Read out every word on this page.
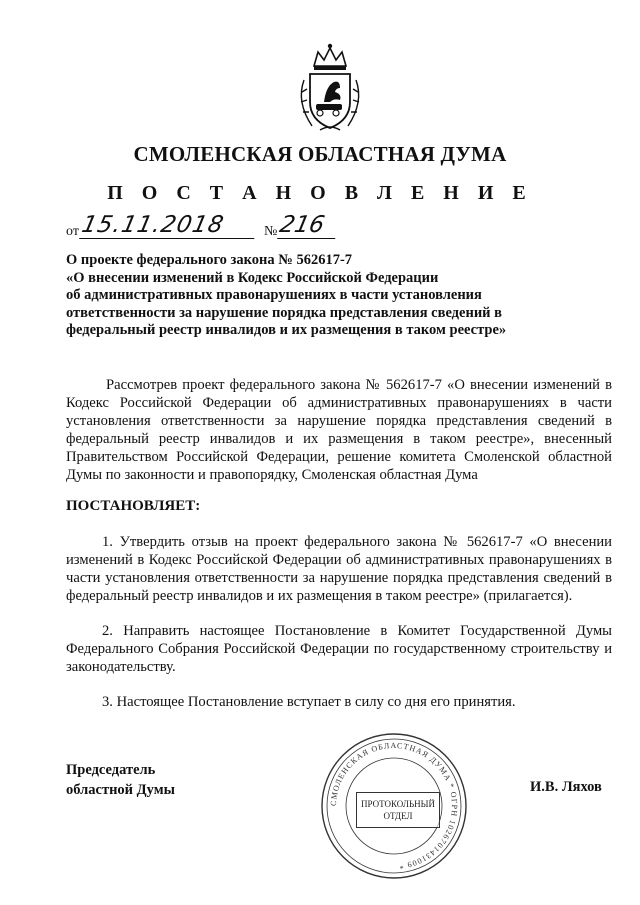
СМОЛЕНСКАЯ ОБЛАСТНАЯ ДУМА
П О С Т А Н О В Л Е Н И Е
от 15.11.2018	№ 216
О проекте федерального закона № 562617-7
«О внесении изменений в Кодекс Российской Федерации
об административных правонарушениях в части установления
ответственности за нарушение порядка представления сведений в
федеральный реестр инвалидов и их размещения в таком реестре»

Рассмотрев проект федерального закона № 562617-7 «О внесении изменений в Кодекс Российской Федерации об административных правонарушениях в части установления ответственности за нарушение порядка представления сведений в федеральный реестр инвалидов и их размещения в таком реестре», внесенный Правительством Российской Федерации, решение комитета Смоленской областной Думы по законности и правопорядку, Смоленская областная Дума

ПОСТАНОВЛЯЕТ:

1. Утвердить отзыв на проект федерального закона № 562617-7 «О внесении изменений в Кодекс Российской Федерации об административных правонарушениях в части установления ответственности за нарушение порядка представления сведений в федеральный реестр инвалидов и их размещения в таком реестре» (прилагается).

2. Направить настоящее Постановление в Комитет Государственной Думы Федерального Собрания Российской Федерации по государственному строительству и законодательству.

3. Настоящее Постановление вступает в силу со дня его принятия.

Председатель
областной Думы	И.В. Ляхов
СМОЛЕНСКАЯ ОБЛАСТНАЯ ДУМА * ОГРН 1026701431009 *
ПРОТОКОЛЬНЫЙ
ОТДЕЛ
